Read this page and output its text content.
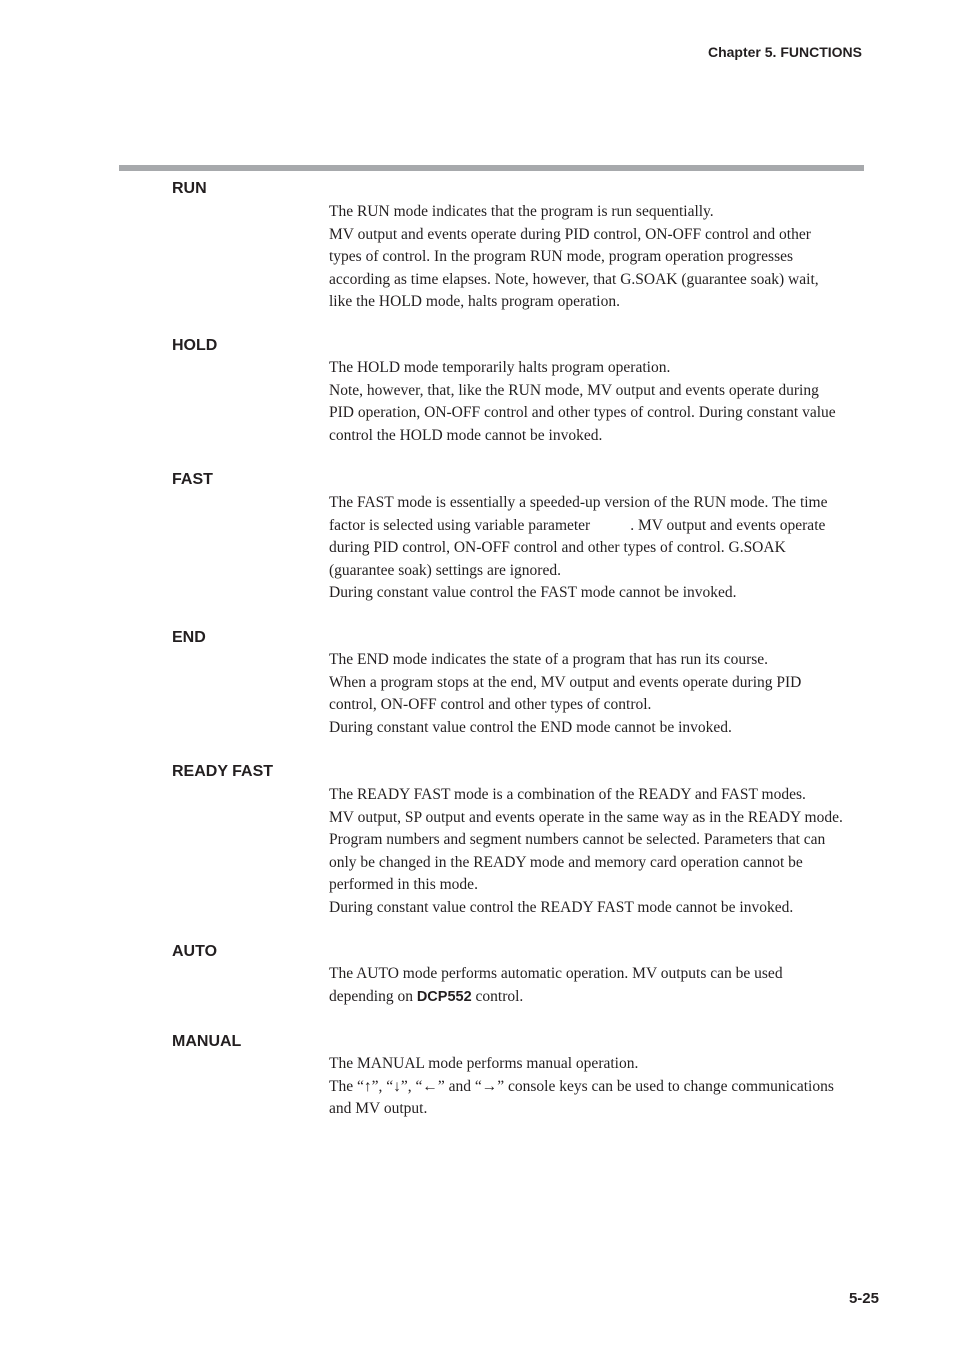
Chapter 5. FUNCTIONS
RUN

The RUN mode indicates that the program is run sequentially.

MV output and events operate during PID control, ON-OFF control and other

types of control. In the program RUN mode, program operation progresses

according as time elapses. Note, however, that G.SOAK (guarantee soak) wait,

like the HOLD mode, halts program operation.

HOLD

The HOLD mode temporarily halts program operation.

Note, however, that, like the RUN mode, MV output and events operate during

PID operation, ON-OFF control and other types of control. During constant value

control the HOLD mode cannot be invoked.

FAST

The FAST mode is essentially a speeded-up version of the RUN mode. The time

factor is selected using variable parameter	. MV output and events operate

during PID control, ON-OFF control and other types of control. G.SOAK

(guarantee soak) settings are ignored.

During constant value control the FAST mode cannot be invoked.

END

The END mode indicates the state of a program that has run its course.

When a program stops at the end, MV output and events operate during PID

control, ON-OFF control and other types of control.

During constant value control the END mode cannot be invoked.

READY FAST

The READY FAST mode is a combination of the READY and FAST modes.

MV output, SP output and events operate in the same way as in the READY mode.

Program numbers and segment numbers cannot be selected. Parameters that can

only be changed in the READY mode and memory card operation cannot be

performed in this mode.

During constant value control the READY FAST mode cannot be invoked.

AUTO

The AUTO mode performs automatic operation. MV outputs can be used

depending on DCP552 control.

MANUAL

The MANUAL mode performs manual operation.

The “↑”, “↓”, “←” and “→” console keys can be used to change communications

and MV output.

5-25
